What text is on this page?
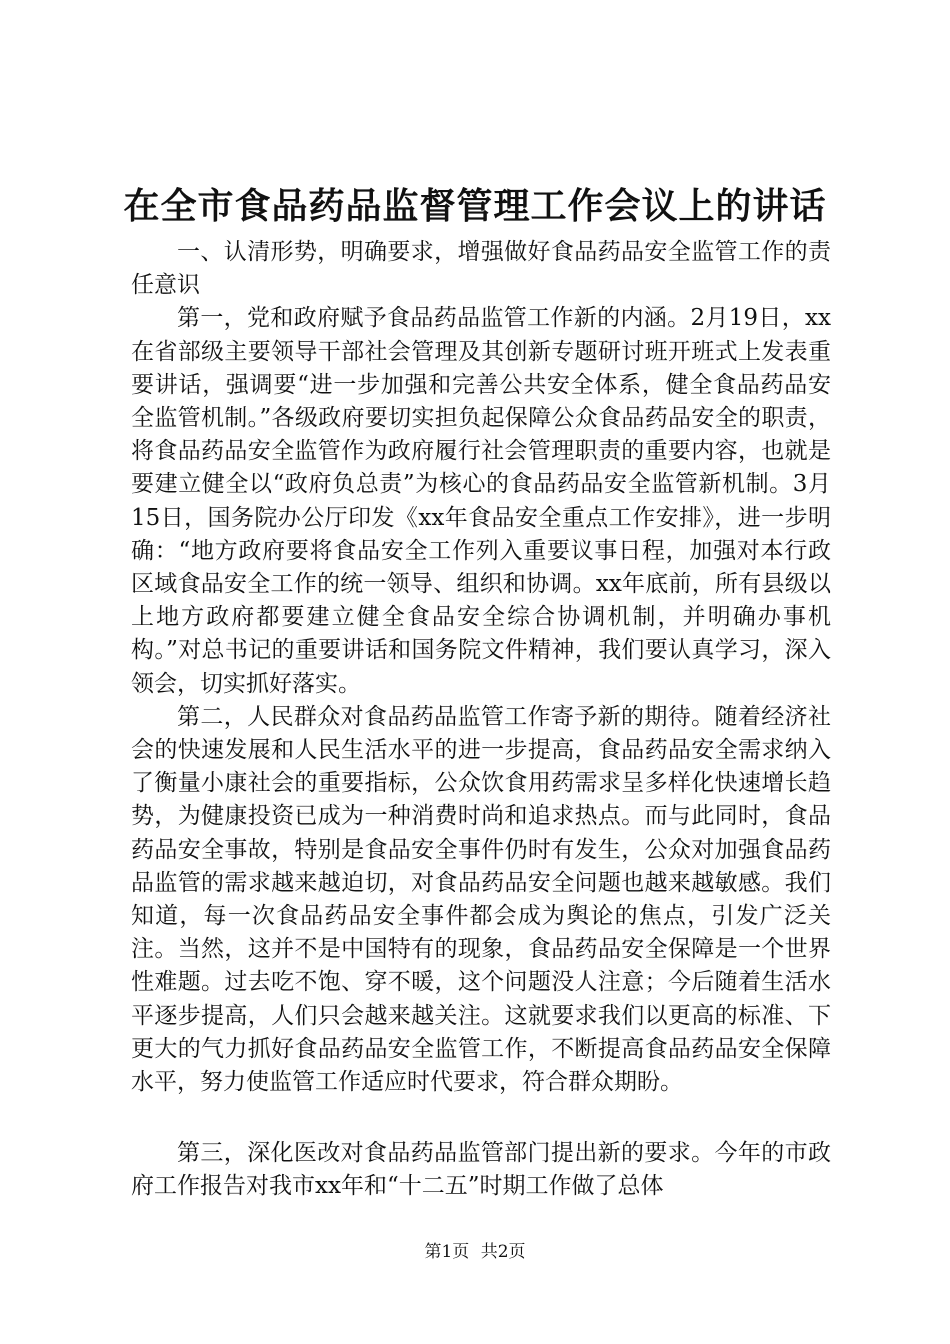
在全市食品药品监督管理工作会议上的讲话

一、认清形势，明确要求，增强做好食品药品安全监管工作的责任意识

第一，党和政府赋予食品药品监管工作新的内涵。2月19日，xx在省部级主要领导干部社会管理及其创新专题研讨班开班式上发表重要讲话，强调要“进一步加强和完善公共安全体系，健全食品药品安全监管机制。”各级政府要切实担负起保障公众食品药品安全的职责，将食品药品安全监管作为政府履行社会管理职责的重要内容，也就是要建立健全以“政府负总责”为核心的食品药品安全监管新机制。3月15日，国务院办公厅印发《xx年食品安全重点工作安排》，进一步明确：“地方政府要将食品安全工作列入重要议事日程，加强对本行政区域食品安全工作的统一领导、组织和协调。xx年底前，所有县级以上地方政府都要建立健全食品安全综合协调机制，并明确办事机构。”对总书记的重要讲话和国务院文件精神，我们要认真学习，深入领会，切实抓好落实。

第二，人民群众对食品药品监管工作寄予新的期待。随着经济社会的快速发展和人民生活水平的进一步提高，食品药品安全需求纳入了衡量小康社会的重要指标，公众饮食用药需求呈多样化快速增长趋势，为健康投资已成为一种消费时尚和追求热点。而与此同时，食品药品安全事故，特别是食品安全事件仍时有发生，公众对加强食品药品监管的需求越来越迫切，对食品药品安全问题也越来越敏感。我们知道，每一次食品药品安全事件都会成为舆论的焦点，引发广泛关注。当然，这并不是中国特有的现象，食品药品安全保障是一个世界性难题。过去吃不饱、穿不暖，这个问题没人注意；今后随着生活水平逐步提高，人们只会越来越关注。这就要求我们以更高的标准、下更大的气力抓好食品药品安全监管工作，不断提高食品药品安全保障水平，努力使监管工作适应时代要求，符合群众期盼。

第三，深化医改对食品药品监管部门提出新的要求。今年的市政府工作报告对我市xx年和“十二五”时期工作做了总体

第1页 共2页
